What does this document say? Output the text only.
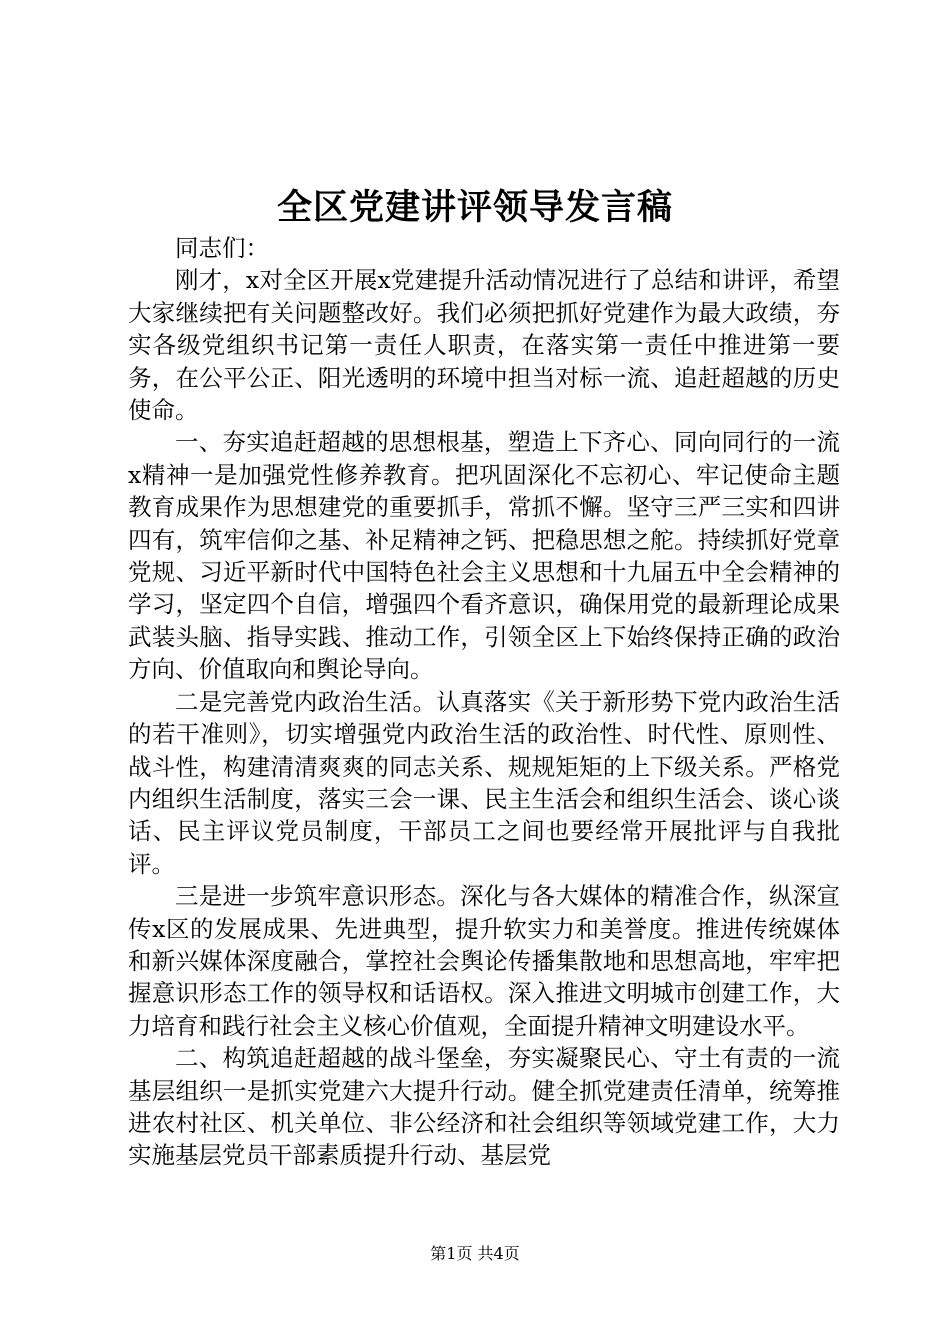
全区党建讲评领导发言稿

同志们：

刚才，x对全区开展x党建提升活动情况进行了总结和讲评，希望大家继续把有关问题整改好。我们必须把抓好党建作为最大政绩，夯实各级党组织书记第一责任人职责，在落实第一责任中推进第一要务，在公平公正、阳光透明的环境中担当对标一流、追赶超越的历史使命。

一、夯实追赶超越的思想根基，塑造上下齐心、同向同行的一流x精神一是加强党性修养教育。把巩固深化不忘初心、牢记使命主题教育成果作为思想建党的重要抓手，常抓不懈。坚守三严三实和四讲四有，筑牢信仰之基、补足精神之钙、把稳思想之舵。持续抓好党章党规、习近平新时代中国特色社会主义思想和十九届五中全会精神的学习，坚定四个自信，增强四个看齐意识，确保用党的最新理论成果武装头脑、指导实践、推动工作，引领全区上下始终保持正确的政治方向、价值取向和舆论导向。

二是完善党内政治生活。认真落实《关于新形势下党内政治生活的若干准则》，切实增强党内政治生活的政治性、时代性、原则性、战斗性，构建清清爽爽的同志关系、规规矩矩的上下级关系。严格党内组织生活制度，落实三会一课、民主生活会和组织生活会、谈心谈话、民主评议党员制度，干部员工之间也要经常开展批评与自我批评。

三是进一步筑牢意识形态。深化与各大媒体的精准合作，纵深宣传x区的发展成果、先进典型，提升软实力和美誉度。推进传统媒体和新兴媒体深度融合，掌控社会舆论传播集散地和思想高地，牢牢把握意识形态工作的领导权和话语权。深入推进文明城市创建工作，大力培育和践行社会主义核心价值观，全面提升精神文明建设水平。

二、构筑追赶超越的战斗堡垒，夯实凝聚民心、守土有责的一流基层组织一是抓实党建六大提升行动。健全抓党建责任清单，统筹推进农村社区、机关单位、非公经济和社会组织等领域党建工作，大力实施基层党员干部素质提升行动、基层党

第1页 共4页
